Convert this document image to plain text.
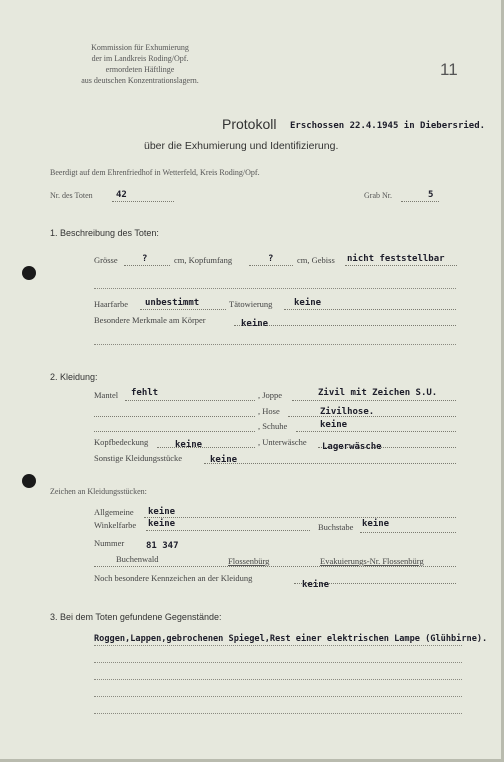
Kommission für Exhumierung
der im Landkreis Roding/Opf.
ermordeten Häftlinge
aus deutschen Konzentrationslagern.
11
Protokoll Erschossen 22.4.1945 in Diebersried.
über die Exhumierung und Identifizierung.
Beerdigt auf dem Ehrenfriedhof in Wetterfeld, Kreis Roding/Opf.
Nr. des Toten	42	Grab Nr.	5
1. Beschreibung des Toten:
Grösse	?	cm, Kopfumfang	?	cm, Gebiss nicht feststellbar
Haarfarbe unbestimmt	Tätowierung keine
Besondere Merkmale am Körper	keine
2. Kleidung:
Mantel fehlt	, Joppe	Zivil mit Zeichen S.U.
, Hose	Zivilhose.
, Schuhe	keine
Kopfbedeckung	keine	, Unterwäsche Lagerwäsche
Sonstige Kleidungsstücke	keine
Zeichen an Kleidungsstücken:
Allgemeine keine
Winkelfarbe keine	Buchstabe keine
Nummer 81 347
Buchenwald	Flossenbürg	Evakuierungs-Nr. Flossenbürg
Noch besondere Kennzeichen an der Kleidung
keine
3. Bei dem Toten gefundene Gegenstände:
Roggen,Lappen,gebrochenen Spiegel,Rest einer elektrischen Lampe (Glühbirne).
